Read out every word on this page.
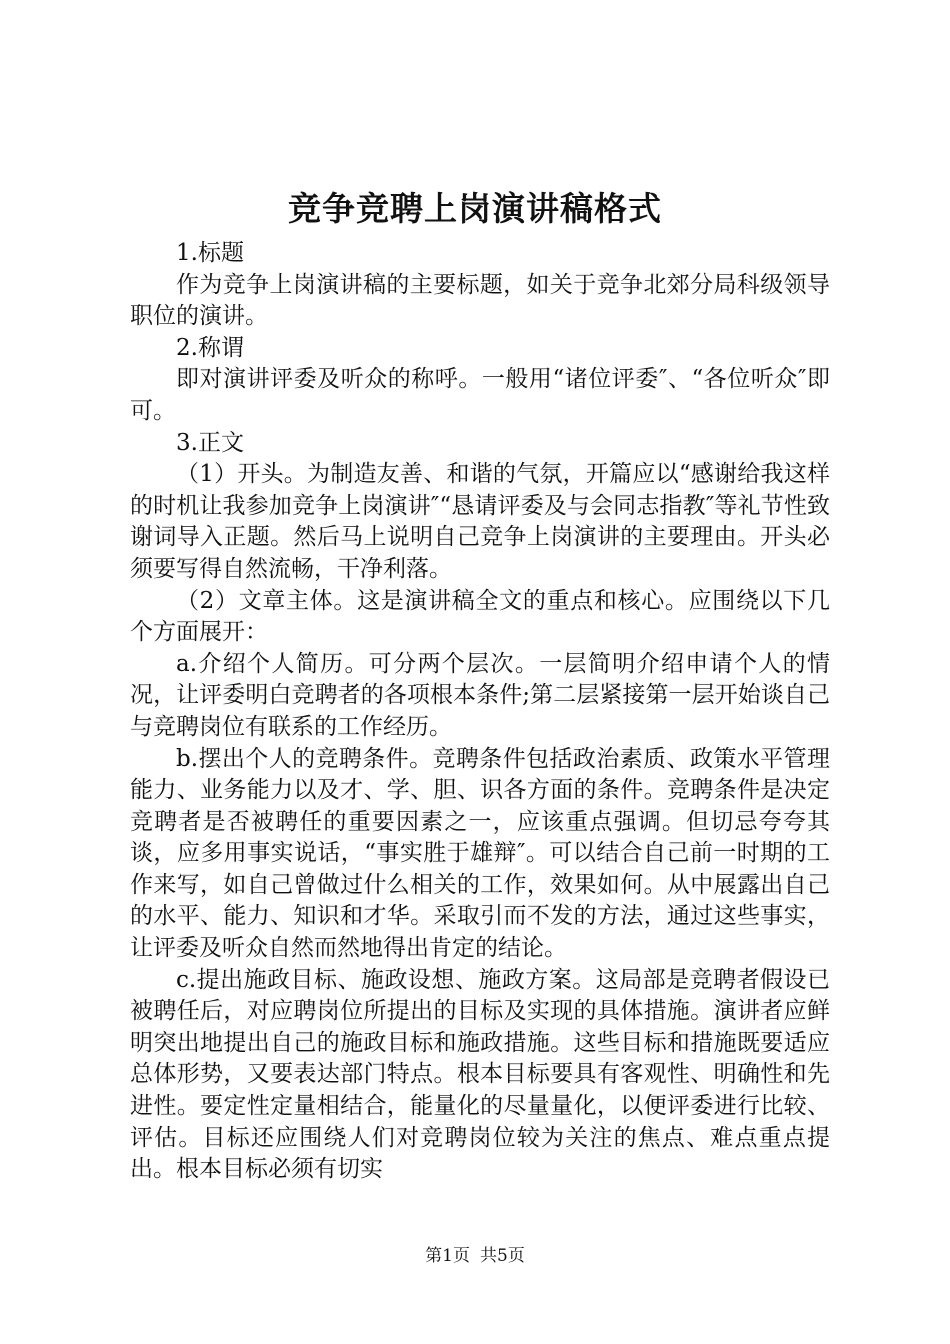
竞争竞聘上岗演讲稿格式

1.标题

作为竞争上岗演讲稿的主要标题，如关于竞争北郊分局科级领导职位的演讲。

2.称谓

即对演讲评委及听众的称呼。一般用“诸位评委″、“各位听众″即可。

3.正文

（1）开头。为制造友善、和谐的气氛，开篇应以“感谢给我这样的时机让我参加竞争上岗演讲″“恳请评委及与会同志指教″等礼节性致谢词导入正题。然后马上说明自己竞争上岗演讲的主要理由。开头必须要写得自然流畅，干净利落。

（2）文章主体。这是演讲稿全文的重点和核心。应围绕以下几个方面展开：

a.介绍个人简历。可分两个层次。一层简明介绍申请个人的情况，让评委明白竞聘者的各项根本条件;第二层紧接第一层开始谈自己与竞聘岗位有联系的工作经历。

b.摆出个人的竞聘条件。竞聘条件包括政治素质、政策水平管理能力、业务能力以及才、学、胆、识各方面的条件。竞聘条件是决定竞聘者是否被聘任的重要因素之一，应该重点强调。但切忌夸夸其谈，应多用事实说话，“事实胜于雄辩″。可以结合自己前一时期的工作来写，如自己曾做过什么相关的工作，效果如何。从中展露出自己的水平、能力、知识和才华。采取引而不发的方法，通过这些事实，让评委及听众自然而然地得出肯定的结论。

c.提出施政目标、施政设想、施政方案。这局部是竞聘者假设已被聘任后，对应聘岗位所提出的目标及实现的具体措施。演讲者应鲜明突出地提出自己的施政目标和施政措施。这些目标和措施既要适应总体形势，又要表达部门特点。根本目标要具有客观性、明确性和先进性。要定性定量相结合，能量化的尽量量化，以便评委进行比较、评估。目标还应围绕人们对竞聘岗位较为关注的焦点、难点重点提出。根本目标必须有切实

第1页 共5页
